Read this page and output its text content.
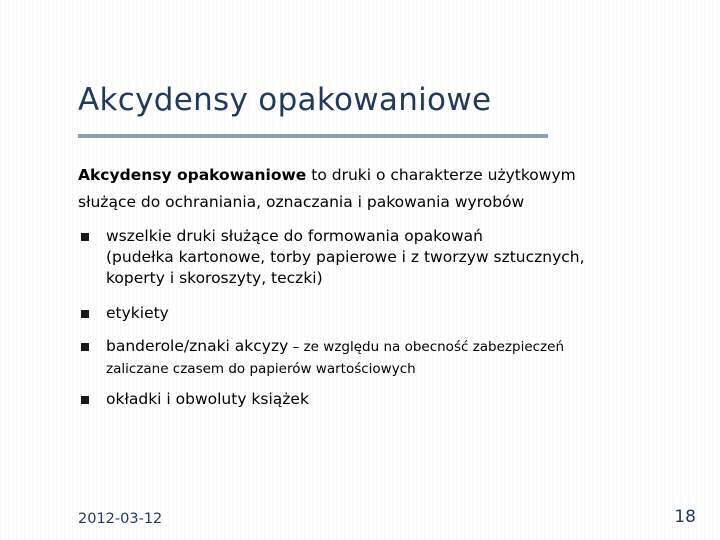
Akcydensy opakowaniowe

Akcydensy opakowaniowe to druki o charakterze użytkowym
służące do ochraniania, oznaczania i pakowania wyrobów

wszelkie druki służące do formowania opakowań
(pudełka kartonowe, torby papierowe i z tworzyw sztucznych,
koperty i skoroszyty, teczki)
etykiety
banderole/znaki akcyzy – ze względu na obecność zabezpieczeń
zaliczane czasem do papierów wartościowych
okładki i obwoluty książek
2012-03-12	18
